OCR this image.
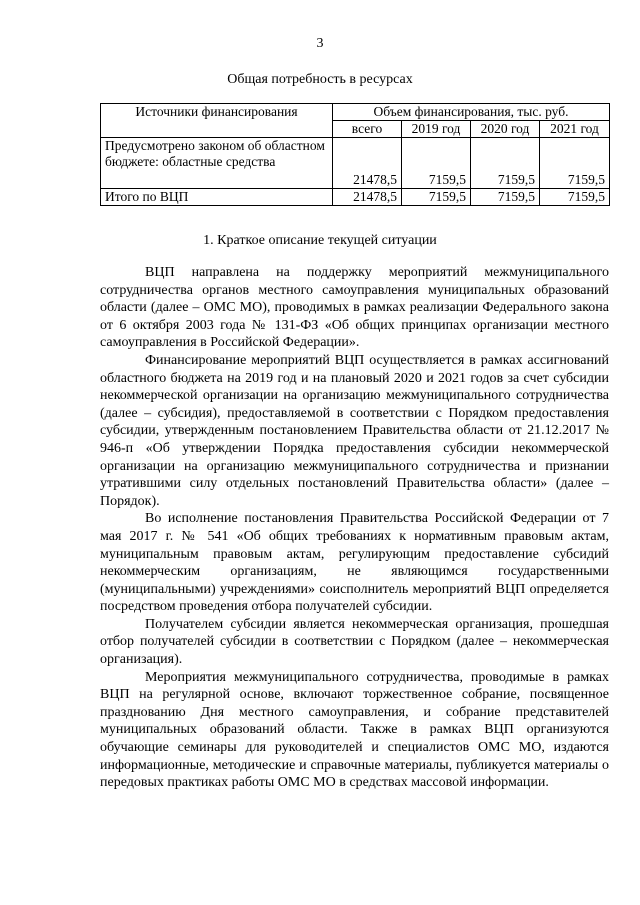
3
Общая потребность в ресурсах
Источники финансирования	Объем финансирования, тыс. руб.			
	всего	2019 год	2020 год	2021 год
Предусмотрено законом об областном бюджете: областные средства	21478,5	7159,5	7159,5	7159,5
Итого по ВЦП	21478,5	7159,5	7159,5	7159,5
1. Краткое описание текущей ситуации

ВЦП направлена на поддержку мероприятий межмуниципального сотрудничества органов местного самоуправления муниципальных образований области (далее – ОМС МО), проводимых в рамках реализации Федерального закона от 6 октября 2003 года № 131-ФЗ «Об общих принципах организации местного самоуправления в Российской Федерации».

Финансирование мероприятий ВЦП осуществляется в рамках ассигнований областного бюджета на 2019 год и на плановый 2020 и 2021 годов за счет субсидии некоммерческой организации на организацию межмуниципального сотрудничества (далее – субсидия), предоставляемой в соответствии с Порядком предоставления субсидии, утвержденным постановлением Правительства области от 21.12.2017 № 946-п «Об утверждении Порядка предоставления субсидии некоммерческой организации на организацию межмуниципального сотрудничества и признании утратившими силу отдельных постановлений Правительства области» (далее – Порядок).

Во исполнение постановления Правительства Российской Федерации от 7 мая 2017 г. № 541 «Об общих требованиях к нормативным правовым актам, муниципальным правовым актам, регулирующим предоставление субсидий некоммерческим организациям, не являющимся государственными (муниципальными) учреждениями» соисполнитель мероприятий ВЦП определяется посредством проведения отбора получателей субсидии.

Получателем субсидии является некоммерческая организация, прошедшая отбор получателей субсидии в соответствии с Порядком (далее – некоммерческая организация).

Мероприятия межмуниципального сотрудничества, проводимые в рамках ВЦП на регулярной основе, включают торжественное собрание, посвященное празднованию Дня местного самоуправления, и собрание представителей муниципальных образований области. Также в рамках ВЦП организуются обучающие семинары для руководителей и специалистов ОМС МО, издаются информационные, методические и справочные материалы, публикуется материалы о передовых практиках работы ОМС МО в средствах массовой информации.
